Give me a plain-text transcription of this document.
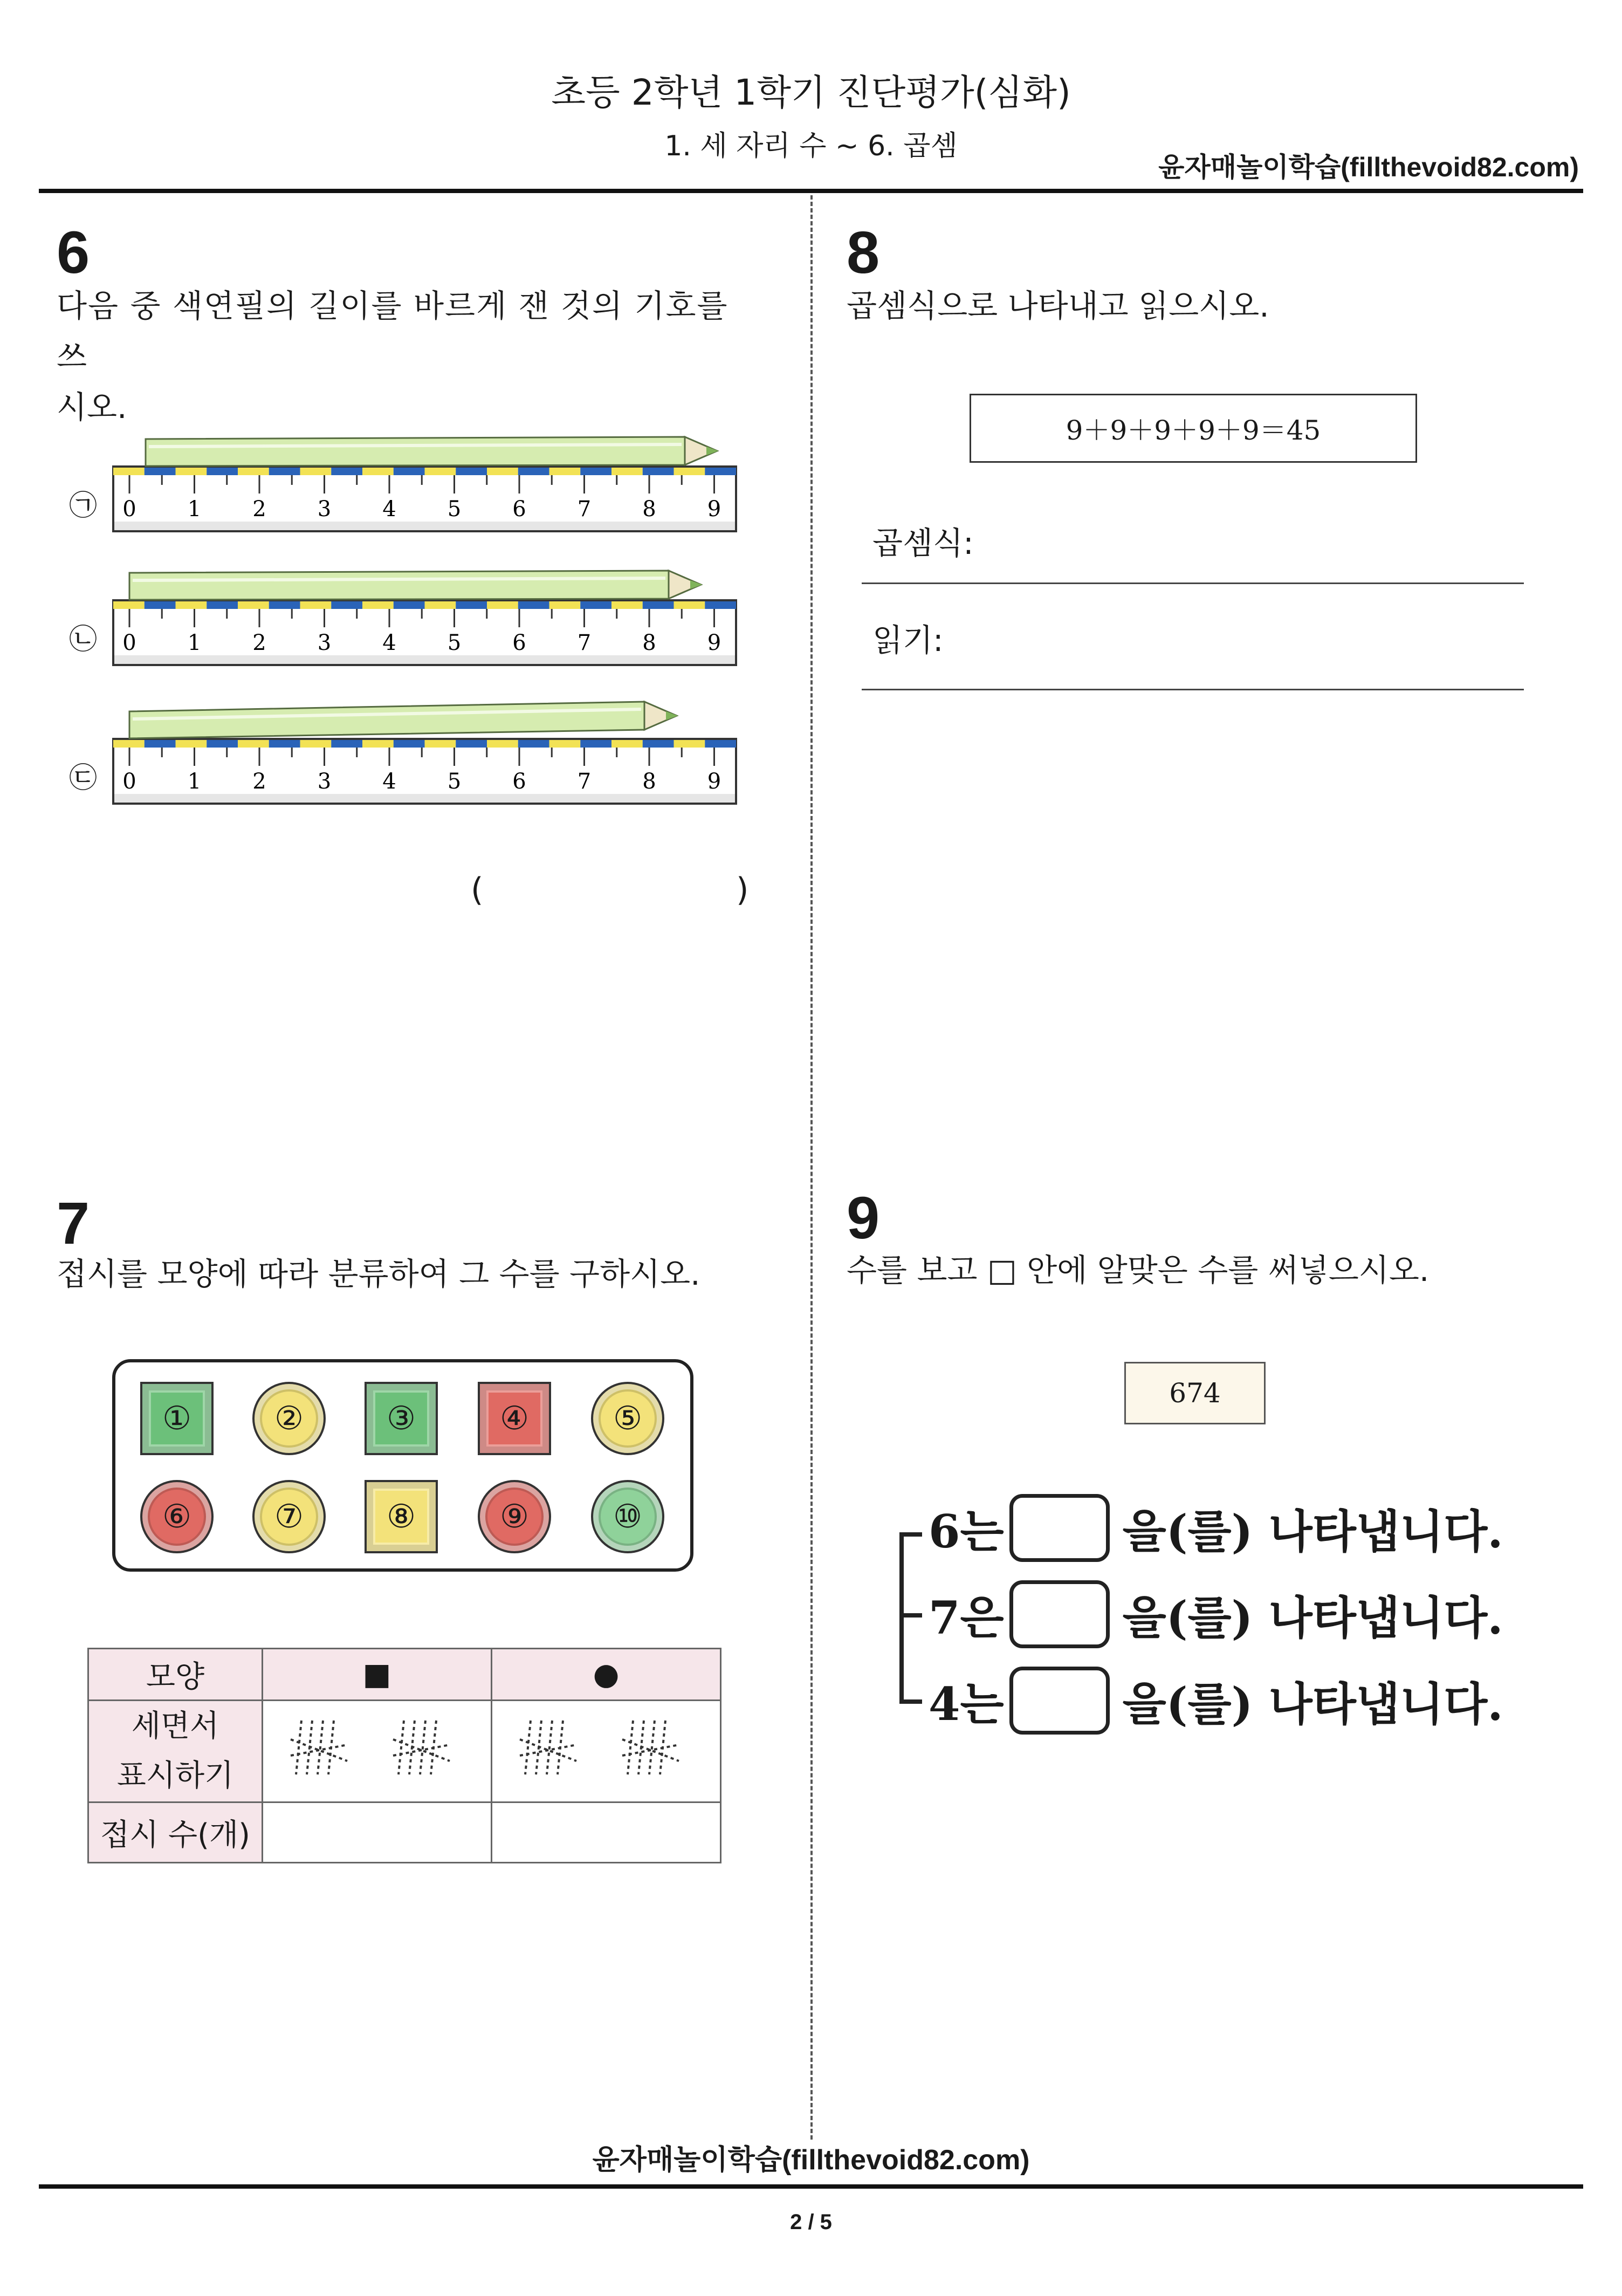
초등 2학년 1학기 진단평가(심화)
1. 세 자리 수 ~ 6. 곱셈
윤자매놀이학습(fillthevoid82.com)
6
다음 중 색연필의 길이를 바르게 잰 것의 기호를 쓰
시오.
(	)
7
접시를 모양에 따라 분류하여 그 수를 구하시오.
모양	■	●

세면서
표시하기

접시 수(개)		
8
곱셈식으로 나타내고 읽으시오.
9＋9＋9＋9＋9＝45
곱셈식:
읽기:
9
수를 보고 □ 안에 알맞은 수를 써넣으시오.
674
6는	을(를) 나타냅니다.
7은	을(를) 나타냅니다.
4는	을(를) 나타냅니다.
윤자매놀이학습(fillthevoid82.com)
2 / 5
㉠ 0 1 2 3 4 5 6 7 8 9
㉡ 0 1 2 3 4 5 6 7 8 9
㉢ 0 1 2 3 4 5 6 7 8 9
①	②	③	④	⑤
⑥	⑦	⑧	⑨	⑩
